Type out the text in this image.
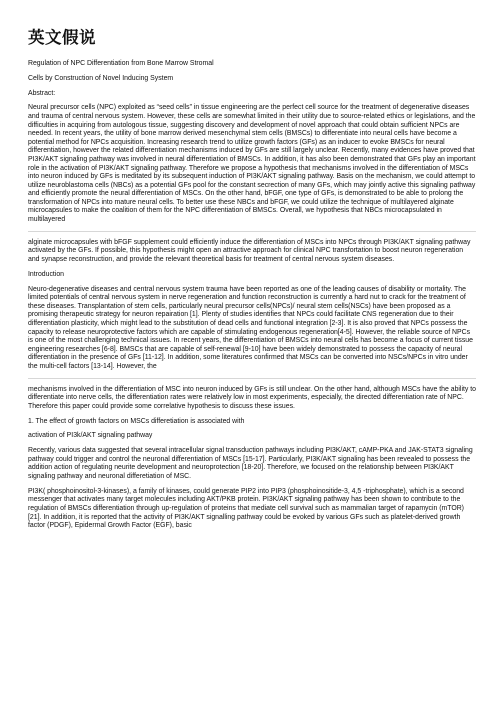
英文假说

Regulation of NPC Differentiation from Bone Marrow Stromal

Cells by Construction of Novel Inducing System

Abstract:

Neural precursor cells (NPC) exploited as “seed cells” in tissue engineering are the perfect cell source for the treatment of degenerative diseases and trauma of central nervous system. However, these cells are somewhat limited in their utility due to source-related ethics or legislations, and the difficulties in acquiring from autologous tissue, suggesting discovery and development of novel approach that could obtain sufficient NPCs are needed. In recent years, the utility of bone marrow derived mesenchymal stem cells (BMSCs) to differentiate into neural cells have become a potential method for NPCs acquisition. Increasing research trend to utilize growth factors (GFs) as an inducer to evoke BMSCs for neural differentiation, however the related differentiation mechanisms induced by GFs are still largely unclear. Recently, many evidences have proved that PI3K/AKT signaling pathway was involved in neural differentiation of BMSCs. In addition, it has also been demonstrated that GFs play an important role in the activation of PI3K/AKT signaling pathway. Therefore we propose a hypothesis that mechanisms involved in the differentiation of MSCs into neuron induced by GFs is meditated by its subsequent induction of PI3K/AKT signaling pathway. Basis on the mechanism, we could attempt to utilize neuroblastoma cells (NBCs) as a potential GFs pool for the constant secrection of many GFs, which may jointly active this signaling pathway and efficiently promote the neural differentiation of MSCs. On the other hand, bFGF, one type of GFs, is demonstrated to be able to prolong the transformation of NPCs into mature neural cells. To better use these NBCs and bFGF, we could utilize the technique of multilayered alginate microcapsules to make the coalition of them for the NPC differentiation of BMSCs. Overall, we hypothesis that NBCs microcapsulated in multilayered

alginate microcapsules with bFGF supplement could efficiently induce the differentiation of MSCs into NPCs through PI3K/AKT signaling pathway activated by the GFs. If possible, this hypothesis might open an attractive approach for clinical NPC transfortation to boost neuron regeneration and synapse reconstruction, and provide the relevant theoretical basis for treatment of central nervous system diseases.

Introduction

Neuro-degenerative diseases and central nervous system trauma have been reported as one of the leading causes of disability or mortality. The limited potentials of central nervous system in nerve regeneration and function reconstruction is currently a hard nut to crack for the treatment of these diseases. Transplantation of stem cells, particularly neural precursor cells(NPCs)/ neural stem cells(NSCs) have been proposed as a promising therapeutic strategy for neuron repairation [1]. Plenty of studies identifies that NPCs could facilitate CNS regeneration due to their differentiation plasticity, which might lead to the substitution of dead cells and functional integration [2-3]. It is also proved that NPCs possess the capacity to release neuroprotective factors which are capable of stimulating endogenous regeneration[4-5]. However, the reliable source of NPCs is one of the most challenging technical issues. In recent years, the differentiation of BMSCs into neural cells has become a focus of current tissue engineering researches [6-8]. BMSCs that are capable of self-renewal [9-10] have been widely demonstrated to possess the capacity of neural differentiation in the presence of GFs [11-12]. In addition, some literatures confirmed that MSCs can be converted into NSCs/NPCs in vitro under the multi-cell factors [13-14]. However, the

mechanisms involved in the differentiation of MSC into neuron induced by GFs is still unclear. On the other hand, although MSCs have the ability to differentiate into nerve cells, the differentiation rates were relatively low in most experiments, especially, the directed differentiation rate of NPC. Therefore this paper could provide some correlative hypothesis to discuss these issues.

1. The effect of growth factors on MSCs differetiation is associated with

activation of PI3k/AKT signaling pathway

Recently, various data suggested that several intracellular signal transduction pathways including PI3K/AKT, cAMP-PKA and JAK-STAT3 signaling pathway could trigger and control the neuronal differentiation of MSCs [15-17]. Particularly, PI3K/AKT signaling has been revealed to possess the addition action of regulating neurite development and neuroprotection [18-20]. Therefore, we focused on the relationship between PI3K/AKT signaling pathway and neuronal differetiation of MSC.

PI3K( phosphoinositol-3-kinases), a family of kinases, could generate PIP2 into PIP3 (phosphoinositide-3, 4,5 -triphosphate), which is a second messenger that activates many target molecules including AKT/PKB protein. PI3K/AKT signaling pathway has been shown to contribute to the regulation of BMSCs differentiation through up-regulation of proteins that mediate cell survival such as mammalian target of rapamycin (mTOR) [21]. In addition, it is reported that the activity of PI3K/AKT signalling pathway could be evoked by various GFs such as platelet-derived growth factor (PDGF), Epidermal Growth Factor (EGF), basic
